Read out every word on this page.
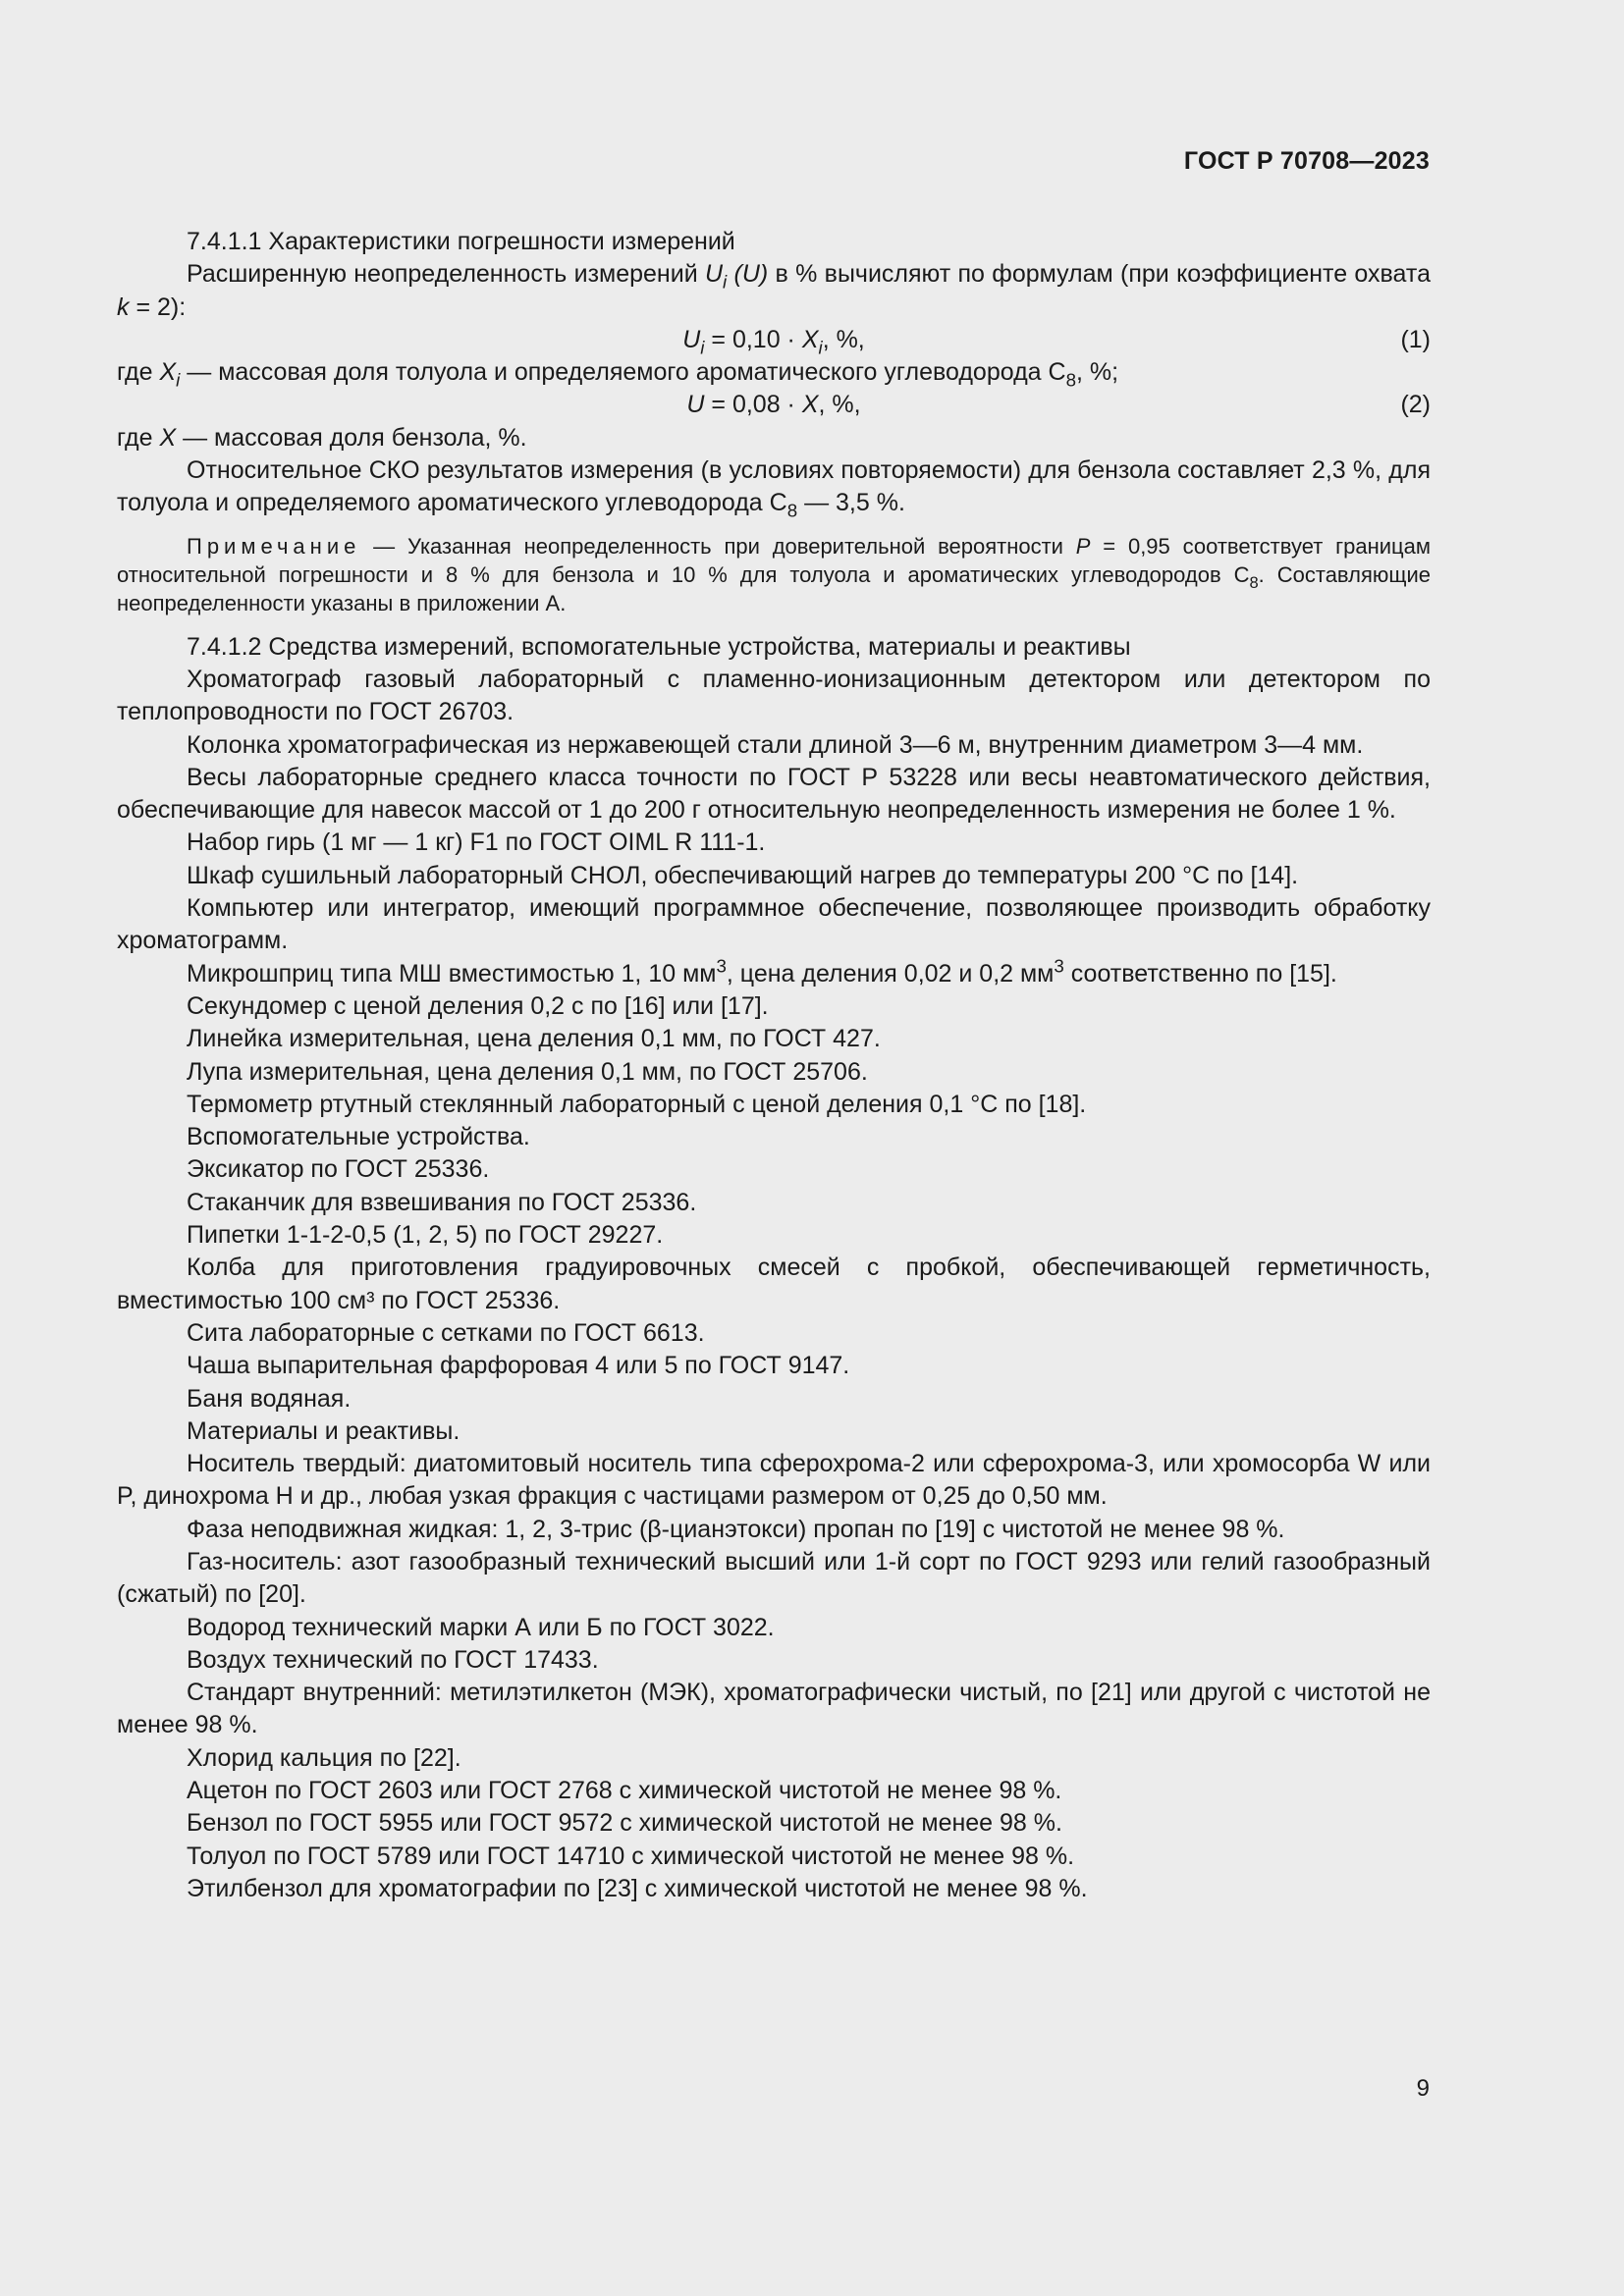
ГОСТ Р 70708—2023

7.4.1.1 Характеристики погрешности измерений

Расширенную неопределенность измерений $U_i$ (U) в % вычисляют по формулам (при коэффициенте охвата k = 2):

$U_i = 0,10 \cdot X_i$, %,	(1)

где $X_i$ — массовая доля толуола и определяемого ароматического углеводорода $С_8$, %;

U = 0,08 · X, %,	(2)

где X — массовая доля бензола, %.

Относительное СКО результатов измерения (в условиях повторяемости) для бензола составляет 2,3 %, для толуола и определяемого ароматического углеводорода $С_8$ — 3,5 %.

Примечание — Указанная неопределенность при доверительной вероятности P = 0,95 соответствует границам относительной погрешности и 8 % для бензола и 10 % для толуола и ароматических углеводородов $С_8$. Составляющие неопределенности указаны в приложении А.

7.4.1.2 Средства измерений, вспомогательные устройства, материалы и реактивы

Хроматограф газовый лабораторный с пламенно-ионизационным детектором или детектором по теплопроводности по ГОСТ 26703.

Колонка хроматографическая из нержавеющей стали длиной 3—6 м, внутренним диаметром 3—4 мм.

Весы лабораторные среднего класса точности по ГОСТ Р 53228 или весы неавтоматического действия, обеспечивающие для навесок массой от 1 до 200 г относительную неопределенность измерения не более 1 %.

Набор гирь (1 мг — 1 кг) F1 по ГОСТ OIML R 111-1.

Шкаф сушильный лабораторный СНОЛ, обеспечивающий нагрев до температуры 200 °С по [14].

Компьютер или интегратор, имеющий программное обеспечение, позволяющее производить обработку хроматограмм.

Микрошприц типа МШ вместимостью 1, 10 $мм^3$, цена деления 0,02 и 0,2 $мм^3$ соответственно по [15].

Секундомер с ценой деления 0,2 с по [16] или [17].

Линейка измерительная, цена деления 0,1 мм, по ГОСТ 427.

Лупа измерительная, цена деления 0,1 мм, по ГОСТ 25706.

Термометр ртутный стеклянный лабораторный с ценой деления 0,1 °С по [18].

Вспомогательные устройства.

Эксикатор по ГОСТ 25336.

Стаканчик для взвешивания по ГОСТ 25336.

Пипетки 1-1-2-0,5 (1, 2, 5) по ГОСТ 29227.

Колба для приготовления градуировочных смесей с пробкой, обеспечивающей герметичность, вместимостью 100 см³ по ГОСТ 25336.

Сита лабораторные с сетками по ГОСТ 6613.

Чаша выпарительная фарфоровая 4 или 5 по ГОСТ 9147.

Баня водяная.

Материалы и реактивы.

Носитель твердый: диатомитовый носитель типа сферохрома-2 или сферохрома-3, или хромосорба W или P, динохрома Н и др., любая узкая фракция с частицами размером от 0,25 до 0,50 мм.

Фаза неподвижная жидкая: 1, 2, 3-трис (β-цианэтокси) пропан по [19] с чистотой не менее 98 %.

Газ-носитель: азот газообразный технический высший или 1-й сорт по ГОСТ 9293 или гелий газообразный (сжатый) по [20].

Водород технический марки А или Б по ГОСТ 3022.

Воздух технический по ГОСТ 17433.

Стандарт внутренний: метилэтилкетон (МЭК), хроматографически чистый, по [21] или другой с чистотой не менее 98 %.

Хлорид кальция по [22].

Ацетон по ГОСТ 2603 или ГОСТ 2768 с химической чистотой не менее 98 %.

Бензол по ГОСТ 5955 или ГОСТ 9572 с химической чистотой не менее 98 %.

Толуол по ГОСТ 5789 или ГОСТ 14710 с химической чистотой не менее 98 %.

Этилбензол для хроматографии по [23] с химической чистотой не менее 98 %.

9
